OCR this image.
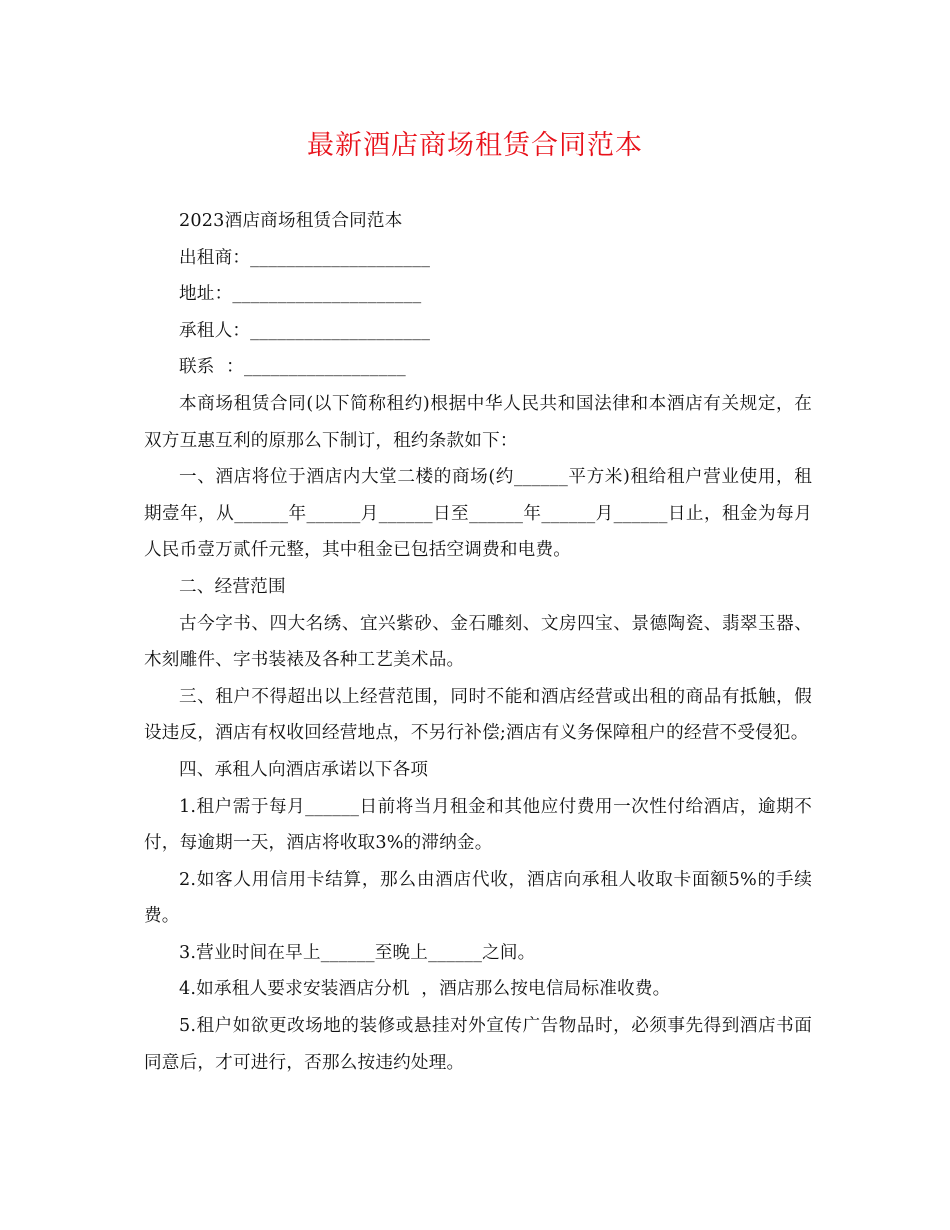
最新酒店商场租赁合同范本

2023酒店商场租赁合同范本

出租商：____________________

地址：_____________________

承租人：____________________

联系  ：__________________

本商场租赁合同(以下简称租约)根据中华人民共和国法律和本酒店有关规定，在双方互惠互利的原那么下制订，租约条款如下：

一、酒店将位于酒店内大堂二楼的商场(约______平方米)租给租户营业使用，租期壹年，从______年______月______日至______年______月______日止，租金为每月人民币壹万贰仟元整，其中租金已包括空调费和电费。

二、经营范围

古今字书、四大名绣、宜兴紫砂、金石雕刻、文房四宝、景德陶瓷、翡翠玉器、木刻雕件、字书装裱及各种工艺美术品。

三、租户不得超出以上经营范围，同时不能和酒店经营或出租的商品有抵触，假设违反，酒店有权收回经营地点，不另行补偿;酒店有义务保障租户的经营不受侵犯。

四、承租人向酒店承诺以下各项

1.租户需于每月______日前将当月租金和其他应付费用一次性付给酒店，逾期不付，每逾期一天，酒店将收取3%的滞纳金。

2.如客人用信用卡结算，那么由酒店代收，酒店向承租人收取卡面额5%的手续费。

3.营业时间在早上______至晚上______之间。

4.如承租人要求安装酒店分机  ，酒店那么按电信局标准收费。

5.租户如欲更改场地的装修或悬挂对外宣传广告物品时，必须事先得到酒店书面同意后，才可进行，否那么按违约处理。
